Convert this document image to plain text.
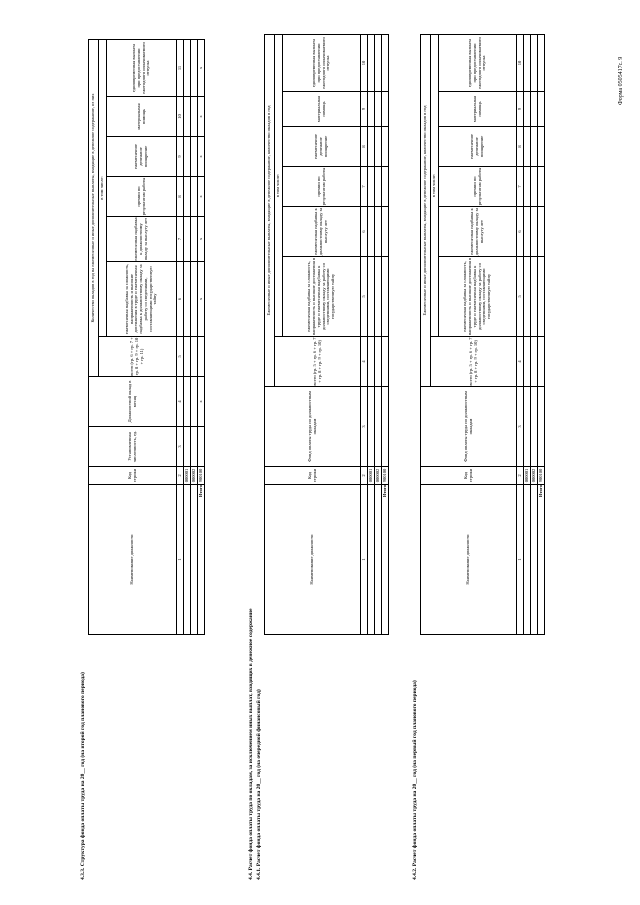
Форма 0505417с. 9
4.3.3. Структура фонда оплаты труда на 20__ год (на второй год планового периода)
Наименование должности	Код строки	Установленная численность, ед.	Должностной оклад в месяц	Количество окладов в год на ежемесячные и иные дополнительные выплаты, входящие в денежное содержание, из них						
				всего (гр. 6 + гр. 7 + гр. 8 + гр. 9 + гр. 10 + гр. 11)	в том числе:					
					ежемесячная надбавка за сложность, напряженность и высокие достижения в труде и ежемесячная надбавка к должностному окладу за работу со сведениями, составляющими государственную тайну	ежемесячная надбавка к должностному окладу за выслугу лет	премии по результатам работы	ежемесячное денежное поощрение	материальная помощь	единовременная выплата при предоставлении ежегодного оплачиваемого отпуска
1	2	3	4	5	6	7	8	9	10	11
	000001									
	000002									
Итого	900100		x		x	x	x	x	x	x
4.4. Расчет фонда оплаты труда по окладам, за исключением иных выплат, входящих в денежное содержание 4.4.1. Расчет фонда оплаты труда на 20__ год (на очередной финансовый год)
Наименование должности	Код строки	Фонд оплаты труда по должностным окладам	Ежемесячные и иные дополнительные выплаты, входящие в денежное содержание, количество окладов в год						
			всего (гр. 5 + гр. 6 + гр. 7 + гр. 8 + гр. 9 + гр. 10)	в том числе:					
				ежемесячная надбавка за сложность, напряженность и высокие достижения в труде и ежемесячная надбавка к должностному окладу за работу со сведениями, составляющими государственную тайну	ежемесячная надбавка к должностному окладу за выслугу лет	премии по результатам работы	ежемесячное денежное поощрение	материальная помощь	единовременная выплата при предоставлении ежегодного оплачиваемого отпуска
1	2	3	4	5	6	7	8	9	10
	000001								
	000002								
Итого	900100								
4.4.2. Расчет фонда оплаты труда на 20__ год (на первый год планового периода)
Наименование должности	Код строки	Фонд оплаты труда по должностным окладам	Ежемесячные и иные дополнительные выплаты, входящие в денежное содержание, количество окладов в год						
			всего (гр. 5 + гр. 6 + гр. 7 + гр. 8 + гр. 9 + гр. 10)	в том числе:					
				ежемесячная надбавка за сложность, напряженность и высокие достижения в труде и ежемесячная надбавка к должностному окладу за работу со сведениями, составляющими государственную тайну	ежемесячная надбавка к должностному окладу за выслугу лет	премии по результатам работы	ежемесячное денежное поощрение	материальная помощь	единовременная выплата при предоставлении ежегодного оплачиваемого отпуска
1	2	3	4	5	6	7	8	9	10
	000001								
	000002								
Итого	900100								
